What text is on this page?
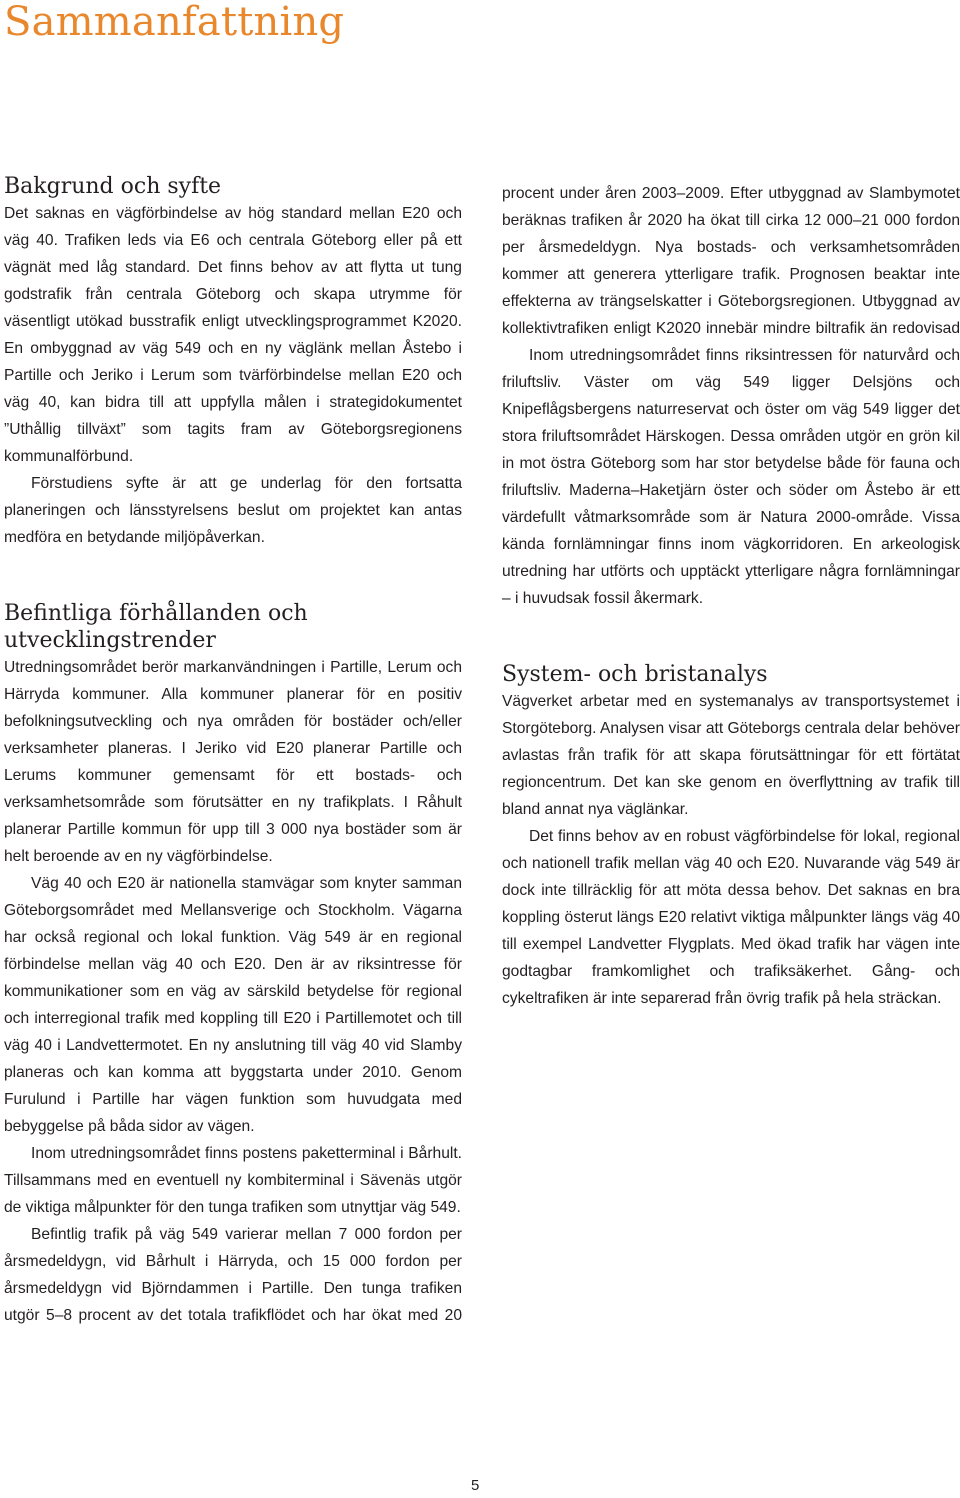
Sammanfattning
Bakgrund och syfte

Det saknas en vägförbindelse av hög standard mellan E20 och väg 40. Trafiken leds via E6 och centrala Göteborg eller på ett vägnät med låg standard. Det finns behov av att flytta ut tung godstrafik från centrala Göteborg och skapa utrymme för väsentligt utökad busstrafik enligt utvecklingsprogrammet K2020. En ombyggnad av väg 549 och en ny väglänk mellan Åstebo i Partille och Jeriko i Lerum som tvärförbindelse mellan E20 och väg 40, kan bidra till att uppfylla målen i strategidokumentet ”Uthållig tillväxt” som tagits fram av Göteborgsregionens kommunalförbund.

Förstudiens syfte är att ge underlag för den fortsatta planeringen och länsstyrelsens beslut om projektet kan antas medföra en betydande miljöpåverkan.

Befintliga förhållanden och utvecklingstrender

Utredningsområdet berör markanvändningen i Partille, Lerum och Härryda kommuner. Alla kommuner planerar för en positiv befolkningsutveckling och nya områden för bostäder och/eller verksamheter planeras. I Jeriko vid E20 planerar Partille och Lerums kommuner gemensamt för ett bostads- och verksamhetsområde som förutsätter en ny trafikplats. I Råhult planerar Partille kommun för upp till 3 000 nya bostäder som är helt beroende av en ny vägförbindelse.

Väg 40 och E20 är nationella stamvägar som knyter samman Göteborgsområdet med Mellansverige och Stockholm. Vägarna har också regional och lokal funktion. Väg 549 är en regional förbindelse mellan väg 40 och E20. Den är av riksintresse för kommunikationer som en väg av särskild betydelse för regional och interregional trafik med koppling till E20 i Partillemotet och till väg 40 i Landvettermotet. En ny anslutning till väg 40 vid Slamby planeras och kan komma att byggstarta under 2010. Genom Furulund i Partille har vägen funktion som huvudgata med bebyggelse på båda sidor av vägen.

Inom utredningsområdet finns postens paketterminal i Bårhult. Tillsammans med en eventuell ny kombiterminal i Sävenäs utgör de viktiga målpunkter för den tunga trafiken som utnyttjar väg 549.

Befintlig trafik på väg 549 varierar mellan 7 000 fordon per årsmedeldygn, vid Bårhult i Härryda, och 15 000 fordon per årsmedeldygn vid Björndammen i Partille. Den tunga trafiken utgör 5–8 procent av det totala trafikflödet och har ökat med 20

procent under åren 2003–2009. Efter utbyggnad av Slambymotet beräknas trafiken år 2020 ha ökat till cirka 12 000–21 000 fordon per årsmedeldygn. Nya bostads- och verksamhetsområden kommer att generera ytterligare trafik. Prognosen beaktar inte effekterna av trängselskatter i Göteborgsregionen. Utbyggnad av kollektivtrafiken enligt K2020 innebär mindre biltrafik än redovisad

Inom utredningsområdet finns riksintressen för naturvård och friluftsliv. Väster om väg 549 ligger Delsjöns och Knipeflågsbergens naturreservat och öster om väg 549 ligger det stora friluftsområdet Härskogen. Dessa områden utgör en grön kil in mot östra Göteborg som har stor betydelse både för fauna och friluftsliv. Maderna–Haketjärn öster och söder om Åstebo är ett värdefullt våtmarksområde som är Natura 2000-område. Vissa kända fornlämningar finns inom vägkorridoren. En arkeologisk utredning har utförts och upptäckt ytterligare några fornlämningar – i huvudsak fossil åkermark.

System- och bristanalys

Vägverket arbetar med en systemanalys av transportsystemet i Storgöteborg. Analysen visar att Göteborgs centrala delar behöver avlastas från trafik för att skapa förutsättningar för ett förtätat regioncentrum. Det kan ske genom en överflyttning av trafik till bland annat nya väglänkar.

Det finns behov av en robust vägförbindelse för lokal, regional och nationell trafik mellan väg 40 och E20. Nuvarande väg 549 är dock inte tillräcklig för att möta dessa behov. Det saknas en bra koppling österut längs E20 relativt viktiga målpunkter längs väg 40 till exempel Landvetter Flygplats. Med ökad trafik har vägen inte godtagbar framkomlighet och trafiksäkerhet. Gång- och cykeltrafiken är inte separerad från övrig trafik på hela sträckan.

5
